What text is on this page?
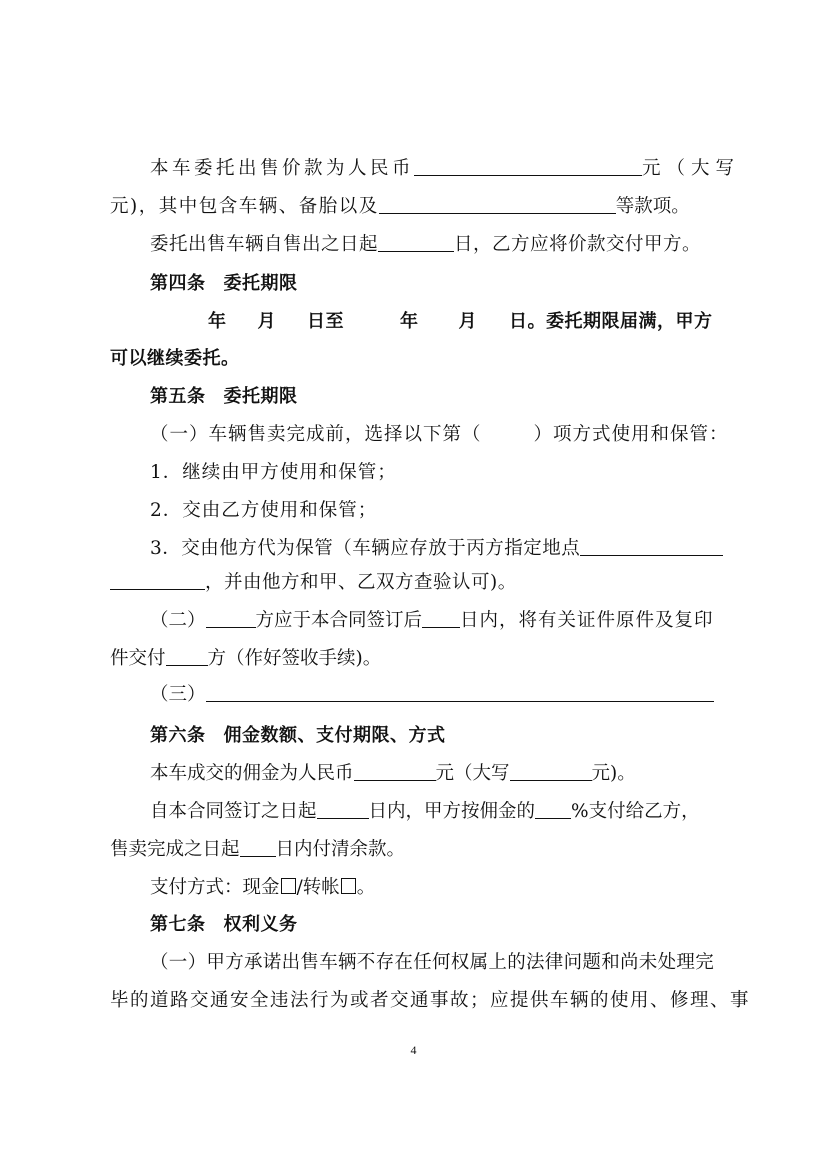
本车委托出售价款为人民币	元（大写
元)，其中包含车辆、备胎以及	等款项。
委托出售车辆自售出之日起	日，乙方应将价款交付甲方。
第四条 委托期限
年 月 日至	年 月 日。委托期限届满，甲方
可以继续委托。
第五条 委托期限
（一）车辆售卖完成前，选择以下第（	）项方式使用和保管：
1．继续由甲方使用和保管；
2．交由乙方使用和保管；
3．交由他方代为保管（车辆应存放于丙方指定地点
，并由他方和甲、乙双方查验认可)。
（二）	方应于本合同签订后 日内，将有关证件原件及复印
件交付 方（作好签收手续)。
（三）
第六条 佣金数额、支付期限、方式
本车成交的佣金为人民币	元（大写	元)。
自本合同签订之日起	日内，甲方按佣金的 %支付给乙方，
售卖完成之日起 日内付清余款。
支付方式：现金 /转帐 。
第七条 权利义务
（一）甲方承诺出售车辆不存在任何权属上的法律问题和尚未处理完
毕的道路交通安全违法行为或者交通事故；应提供车辆的使用、修理、事
4
